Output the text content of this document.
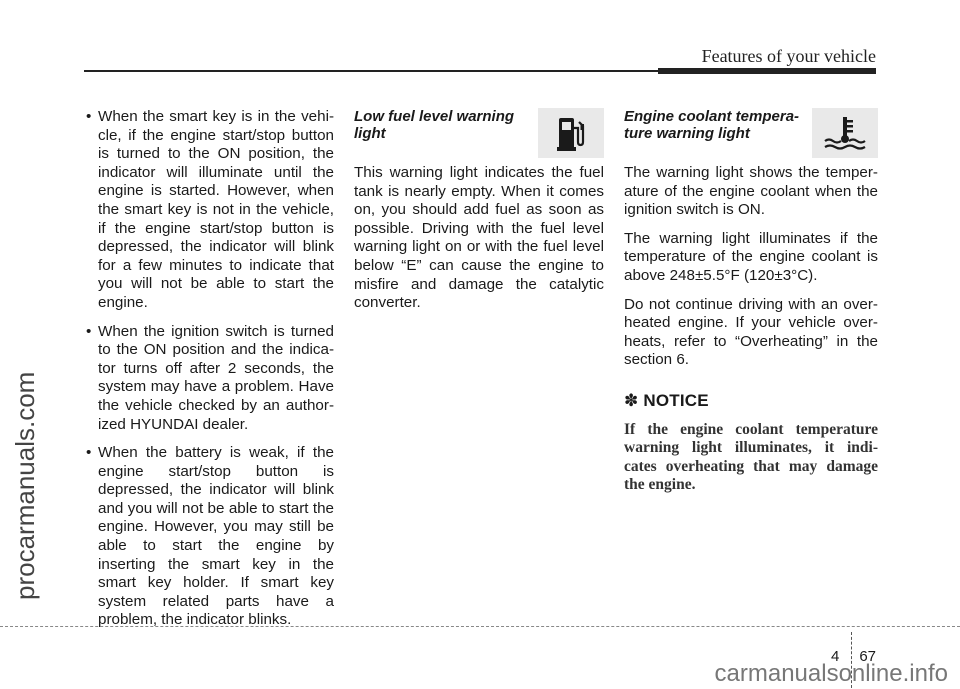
Features of your vehicle
procarmanuals.com
• When the smart key is in the vehi- cle, if the engine start/stop button is turned to the ON position, the indicator will illuminate until the engine is started. However, when the smart key is not in the vehicle, if the engine start/stop button is depressed, the indicator will blink for a few minutes to indicate that you will not be able to start the engine.
• When the ignition switch is turned to the ON position and the indica- tor turns off after 2 seconds, the system may have a problem. Have the vehicle checked by an author- ized HYUNDAI dealer.
• When the battery is weak, if the engine start/stop button is depressed, the indicator will blink and you will not be able to start the engine. However, you may still be able to start the engine by inserting the smart key in the smart key holder. If smart key system related parts have a problem, the indicator blinks.
Low fuel level warning light

This warning light indicates the fuel tank is nearly empty. When it comes on, you should add fuel as soon as possible. Driving with the fuel level warning light on or with the fuel level below “E” can cause the engine to misfire and damage the catalytic converter.

Engine coolant tempera- ture warning light

The warning light shows the temper- ature of the engine coolant when the ignition switch is ON.

The warning light illuminates if the temperature of the engine coolant is above 248±5.5°F (120±3°C).

Do not continue driving with an over- heated engine. If your vehicle over- heats, refer to “Overheating” in the section 6.

✽ NOTICE
If the engine coolant temperature warning light illuminates, it indi- cates overheating that may damage the engine.
4 67
carmanualsonline.info
